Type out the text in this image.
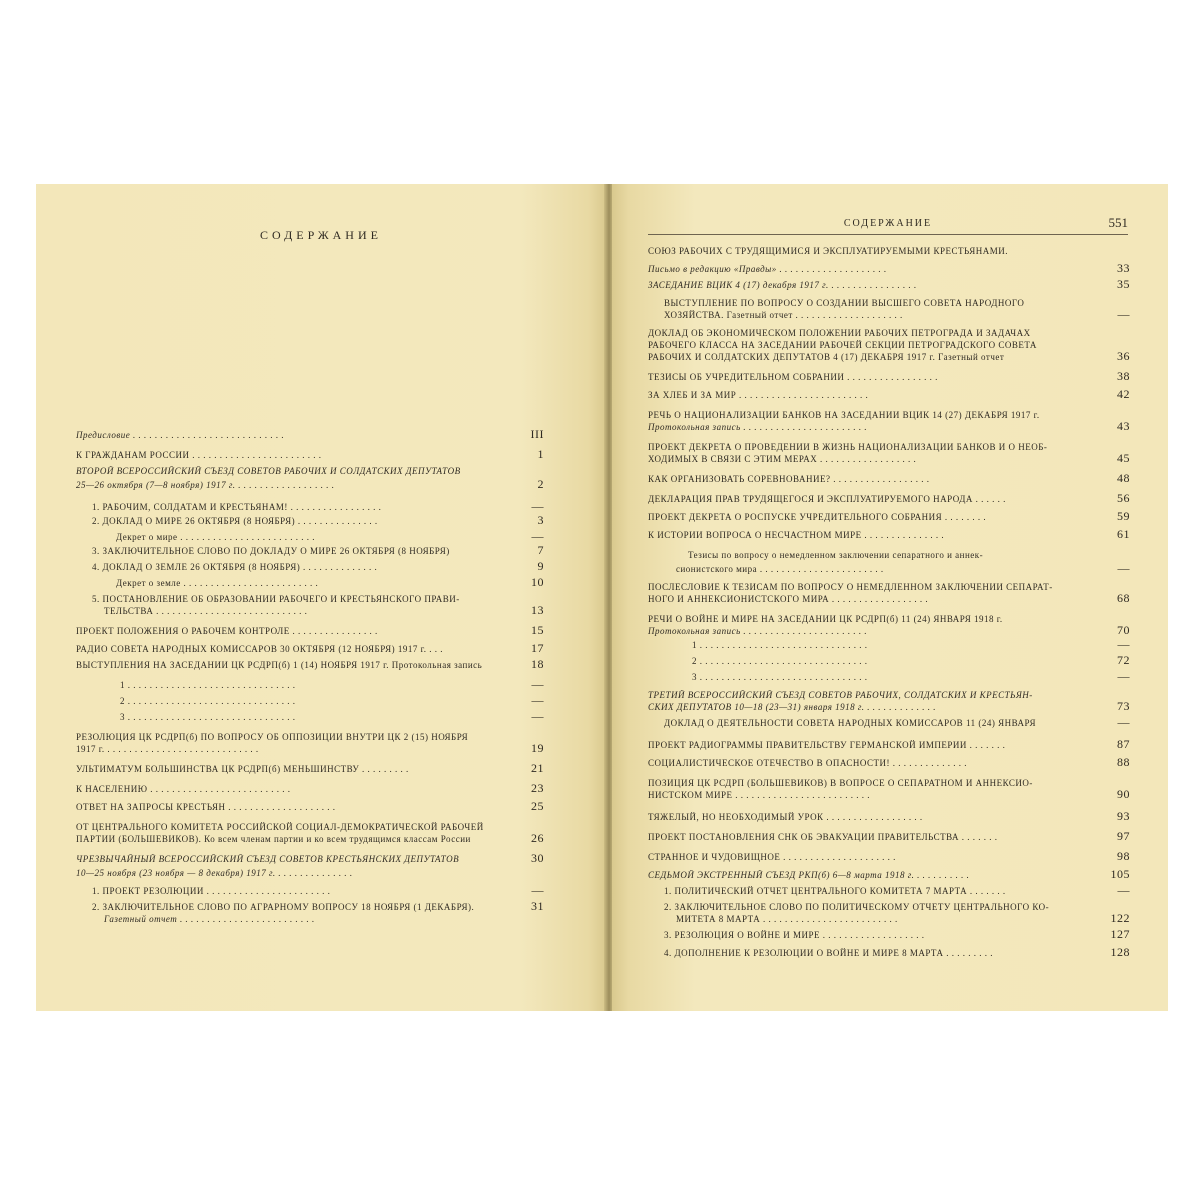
СОДЕРЖАНИЕ
Предисловие . . . . . . . . . . . . . . . . . . . . . . . . . . . .	III
К ГРАЖДАНАМ РОССИИ . . . . . . . . . . . . . . . . . . . . . . . .	1
ВТОРОЙ ВСЕРОССИЙСКИЙ СЪЕЗД СОВЕТОВ РАБОЧИХ И СОЛДАТСКИХ ДЕПУТАТОВ
25—26 октября (7—8 ноября) 1917 г. . . . . . . . . . . . . . . . . . .	2
1. РАБОЧИМ, СОЛДАТАМ И КРЕСТЬЯНАМ! . . . . . . . . . . . . . . . . .	—
2. ДОКЛАД О МИРЕ 26 ОКТЯБРЯ (8 НОЯБРЯ) . . . . . . . . . . . . . . .	3
Декрет о мире . . . . . . . . . . . . . . . . . . . . . . . . .	—
3. ЗАКЛЮЧИТЕЛЬНОЕ СЛОВО ПО ДОКЛАДУ О МИРЕ 26 ОКТЯБРЯ (8 НОЯБРЯ)	7
4. ДОКЛАД О ЗЕМЛЕ 26 ОКТЯБРЯ (8 НОЯБРЯ) . . . . . . . . . . . . . .	9
Декрет о земле . . . . . . . . . . . . . . . . . . . . . . . . .	10
5. ПОСТАНОВЛЕНИЕ ОБ ОБРАЗОВАНИИ РАБОЧЕГО И КРЕСТЬЯНСКОГО ПРАВИ-
ТЕЛЬСТВА . . . . . . . . . . . . . . . . . . . . . . . . . . . .	13
ПРОЕКТ ПОЛОЖЕНИЯ О РАБОЧЕМ КОНТРОЛЕ . . . . . . . . . . . . . . . .	15
РАДИО СОВЕТА НАРОДНЫХ КОМИССАРОВ 30 ОКТЯБРЯ (12 НОЯБРЯ) 1917 г. . . .	17
ВЫСТУПЛЕНИЯ НА ЗАСЕДАНИИ ЦК РСДРП(б) 1 (14) НОЯБРЯ 1917 г. Протокольная запись	18
1 . . . . . . . . . . . . . . . . . . . . . . . . . . . . . . .	—
2 . . . . . . . . . . . . . . . . . . . . . . . . . . . . . . .	—
3 . . . . . . . . . . . . . . . . . . . . . . . . . . . . . . .	—
РЕЗОЛЮЦИЯ ЦК РСДРП(б) ПО ВОПРОСУ ОБ ОППОЗИЦИИ ВНУТРИ ЦК 2 (15) НОЯБРЯ
1917 г. . . . . . . . . . . . . . . . . . . . . . . . . . . . .	19
УЛЬТИМАТУМ БОЛЬШИНСТВА ЦК РСДРП(б) МЕНЬШИНСТВУ . . . . . . . . .	21
К НАСЕЛЕНИЮ . . . . . . . . . . . . . . . . . . . . . . . . . .	23
ОТВЕТ НА ЗАПРОСЫ КРЕСТЬЯН . . . . . . . . . . . . . . . . . . . .	25
ОТ ЦЕНТРАЛЬНОГО КОМИТЕТА РОССИЙСКОЙ СОЦИАЛ-ДЕМОКРАТИЧЕСКОЙ РАБОЧЕЙ
ПАРТИИ (БОЛЬШЕВИКОВ). Ко всем членам партии и ко всем трудящимся классам России	26
ЧРЕЗВЫЧАЙНЫЙ ВСЕРОССИЙСКИЙ СЪЕЗД СОВЕТОВ КРЕСТЬЯНСКИХ ДЕПУТАТОВ	30
10—25 ноября (23 ноября — 8 декабря) 1917 г. . . . . . . . . . . . . . .
1. ПРОЕКТ РЕЗОЛЮЦИИ . . . . . . . . . . . . . . . . . . . . . . .	—
2. ЗАКЛЮЧИТЕЛЬНОЕ СЛОВО ПО АГРАРНОМУ ВОПРОСУ 18 НОЯБРЯ (1 ДЕКАБРЯ).	31
Газетный отчет . . . . . . . . . . . . . . . . . . . . . . . . .
СОДЕРЖАНИЕ	551
СОЮЗ РАБОЧИХ С ТРУДЯЩИМИСЯ И ЭКСПЛУАТИРУЕМЫМИ КРЕСТЬЯНАМИ.
Письмо в редакцию «Правды» . . . . . . . . . . . . . . . . . . . .	33
ЗАСЕДАНИЕ ВЦИК 4 (17) декабря 1917 г. . . . . . . . . . . . . . . . .	35
ВЫСТУПЛЕНИЕ ПО ВОПРОСУ О СОЗДАНИИ ВЫСШЕГО СОВЕТА НАРОДНОГО
ХОЗЯЙСТВА. Газетный отчет . . . . . . . . . . . . . . . . . . . .	—
ДОКЛАД ОБ ЭКОНОМИЧЕСКОМ ПОЛОЖЕНИИ РАБОЧИХ ПЕТРОГРАДА И ЗАДАЧАХ
РАБОЧЕГО КЛАССА НА ЗАСЕДАНИИ РАБОЧЕЙ СЕКЦИИ ПЕТРОГРАДСКОГО СОВЕТА
РАБОЧИХ И СОЛДАТСКИХ ДЕПУТАТОВ 4 (17) ДЕКАБРЯ 1917 г. Газетный отчет	36
ТЕЗИСЫ ОБ УЧРЕДИТЕЛЬНОМ СОБРАНИИ . . . . . . . . . . . . . . . . .	38
ЗА ХЛЕБ И ЗА МИР . . . . . . . . . . . . . . . . . . . . . . . .	42
РЕЧЬ О НАЦИОНАЛИЗАЦИИ БАНКОВ НА ЗАСЕДАНИИ ВЦИК 14 (27) ДЕКАБРЯ 1917 г.
Протокольная запись . . . . . . . . . . . . . . . . . . . . . . .	43
ПРОЕКТ ДЕКРЕТА О ПРОВЕДЕНИИ В ЖИЗНЬ НАЦИОНАЛИЗАЦИИ БАНКОВ И О НЕОБ-
ХОДИМЫХ В СВЯЗИ С ЭТИМ МЕРАХ . . . . . . . . . . . . . . . . . .	45
КАК ОРГАНИЗОВАТЬ СОРЕВНОВАНИЕ? . . . . . . . . . . . . . . . . . .	48
ДЕКЛАРАЦИЯ ПРАВ ТРУДЯЩЕГОСЯ И ЭКСПЛУАТИРУЕМОГО НАРОДА . . . . . .	56
ПРОЕКТ ДЕКРЕТА О РОСПУСКЕ УЧРЕДИТЕЛЬНОГО СОБРАНИЯ . . . . . . . .	59
К ИСТОРИИ ВОПРОСА О НЕСЧАСТНОМ МИРЕ . . . . . . . . . . . . . . .	61
Тезисы по вопросу о немедленном заключении сепаратного и аннек-
сионистского мира . . . . . . . . . . . . . . . . . . . . . . .	—
ПОСЛЕСЛОВИЕ К ТЕЗИСАМ ПО ВОПРОСУ О НЕМЕДЛЕННОМ ЗАКЛЮЧЕНИИ СЕПАРАТ-
НОГО И АННЕКСИОНИСТСКОГО МИРА . . . . . . . . . . . . . . . . . .	68
РЕЧИ О ВОЙНЕ И МИРЕ НА ЗАСЕДАНИИ ЦК РСДРП(б) 11 (24) ЯНВАРЯ 1918 г.
Протокольная запись . . . . . . . . . . . . . . . . . . . . . . .	70
1 . . . . . . . . . . . . . . . . . . . . . . . . . . . . . . .	—
2 . . . . . . . . . . . . . . . . . . . . . . . . . . . . . . .	72
3 . . . . . . . . . . . . . . . . . . . . . . . . . . . . . . .	—
ТРЕТИЙ ВСЕРОССИЙСКИЙ СЪЕЗД СОВЕТОВ РАБОЧИХ, СОЛДАТСКИХ И КРЕСТЬЯН-
СКИХ ДЕПУТАТОВ 10—18 (23—31) января 1918 г. . . . . . . . . . . . . .	73
ДОКЛАД О ДЕЯТЕЛЬНОСТИ СОВЕТА НАРОДНЫХ КОМИССАРОВ 11 (24) ЯНВАРЯ	—
ПРОЕКТ РАДИОГРАММЫ ПРАВИТЕЛЬСТВУ ГЕРМАНСКОЙ ИМПЕРИИ . . . . . . .	87
СОЦИАЛИСТИЧЕСКОЕ ОТЕЧЕСТВО В ОПАСНОСТИ! . . . . . . . . . . . . . .	88
ПОЗИЦИЯ ЦК РСДРП (БОЛЬШЕВИКОВ) В ВОПРОСЕ О СЕПАРАТНОМ И АННЕКСИО-
НИСТСКОМ МИРЕ . . . . . . . . . . . . . . . . . . . . . . . . .	90
ТЯЖЕЛЫЙ, НО НЕОБХОДИМЫЙ УРОК . . . . . . . . . . . . . . . . . .	93
ПРОЕКТ ПОСТАНОВЛЕНИЯ СНК ОБ ЭВАКУАЦИИ ПРАВИТЕЛЬСТВА . . . . . . .	97
СТРАННОЕ И ЧУДОВИЩНОЕ . . . . . . . . . . . . . . . . . . . . .	98
СЕДЬМОЙ ЭКСТРЕННЫЙ СЪЕЗД РКП(б) 6—8 марта 1918 г. . . . . . . . . . .	105
1. ПОЛИТИЧЕСКИЙ ОТЧЕТ ЦЕНТРАЛЬНОГО КОМИТЕТА 7 МАРТА . . . . . . .	—
2. ЗАКЛЮЧИТЕЛЬНОЕ СЛОВО ПО ПОЛИТИЧЕСКОМУ ОТЧЕТУ ЦЕНТРАЛЬНОГО КО-
МИТЕТА 8 МАРТА . . . . . . . . . . . . . . . . . . . . . . . . .	122
3. РЕЗОЛЮЦИЯ О ВОЙНЕ И МИРЕ . . . . . . . . . . . . . . . . . . .	127
4. ДОПОЛНЕНИЕ К РЕЗОЛЮЦИИ О ВОЙНЕ И МИРЕ 8 МАРТА . . . . . . . . .	128
